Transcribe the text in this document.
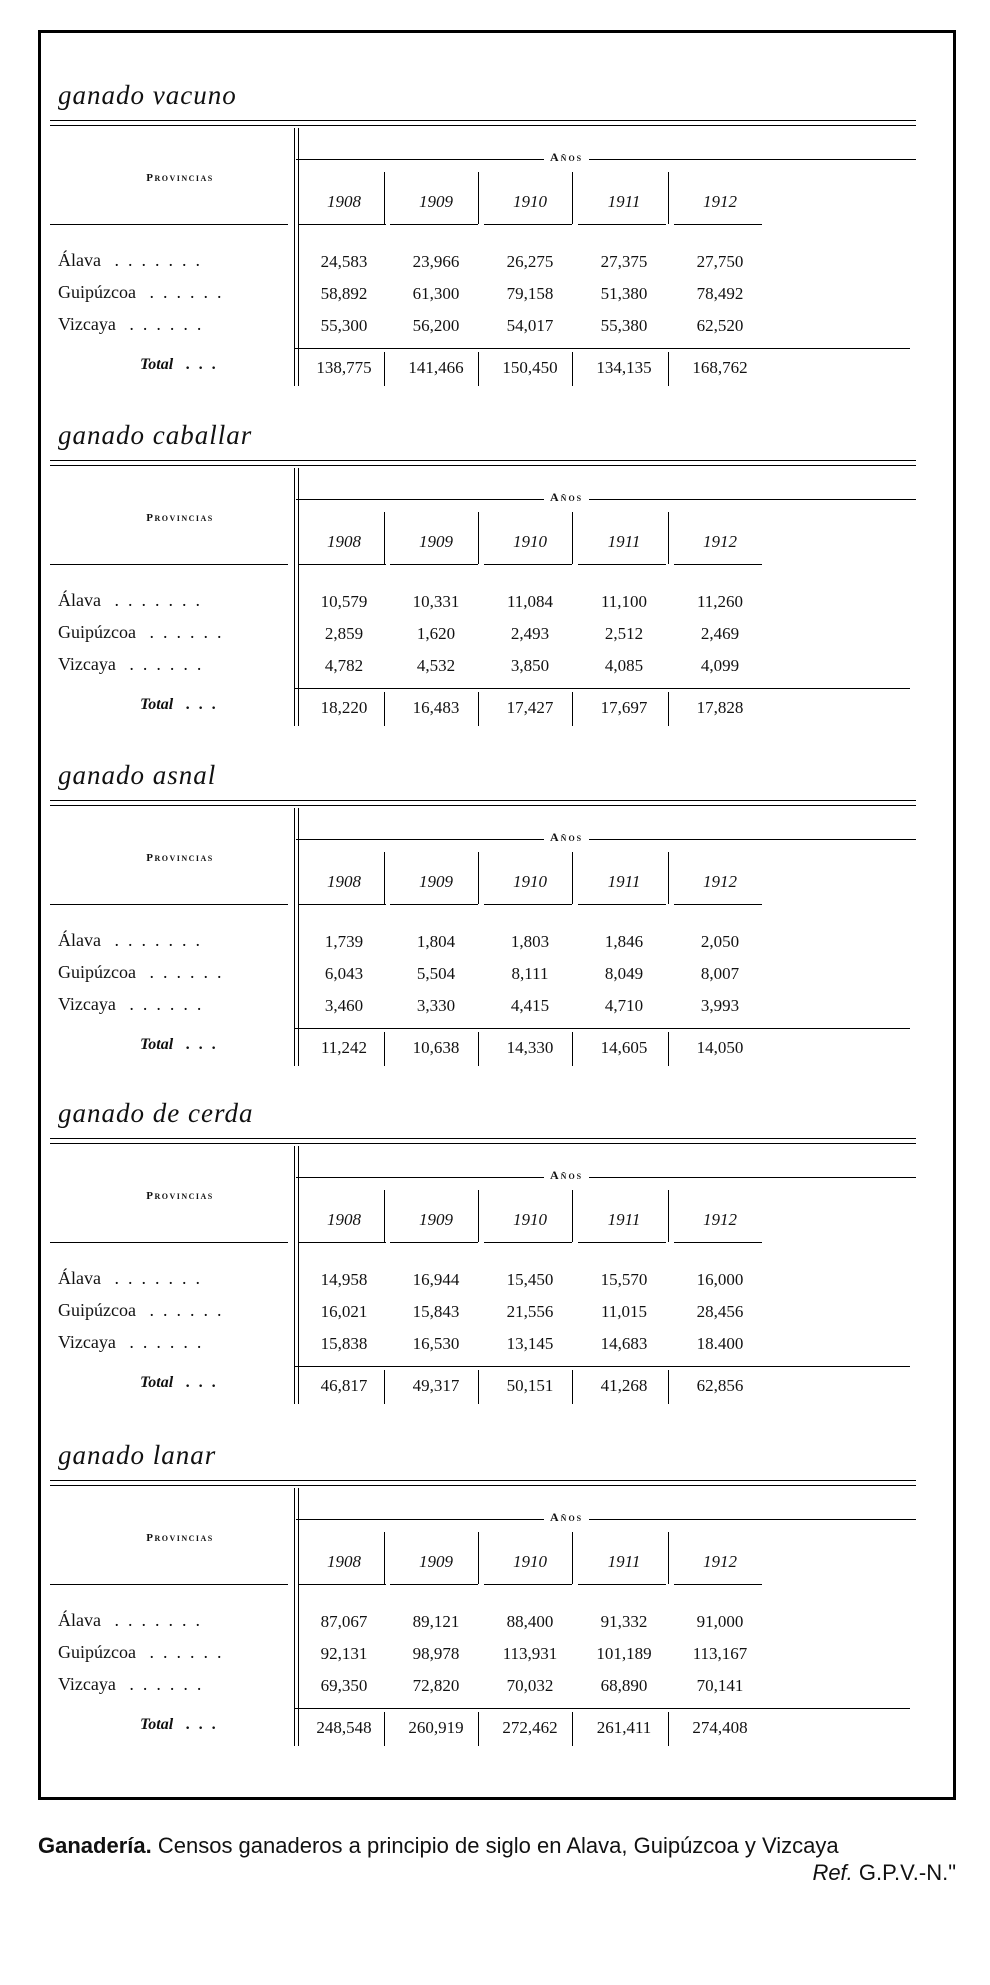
ganado vacuno
Provincias
Años
1908	1909	1910	1911	1912
Álava .......	24,583	23,966	26,275	27,375	27,750
Guipúzcoa ......	58,892	61,300	79,158	51,380	78,492
Vizcaya ......	55,300	56,200	54,017	55,380	62,520
Total ...	138,775	141,466	150,450	134,135	168,762
ganado caballar
Provincias
Años
1908	1909	1910	1911	1912
Álava .......	10,579	10,331	11,084	11,100	11,260
Guipúzcoa ......	2,859	1,620	2,493	2,512	2,469
Vizcaya ......	4,782	4,532	3,850	4,085	4,099
Total ...	18,220	16,483	17,427	17,697	17,828
ganado asnal
Provincias
Años
1908	1909	1910	1911	1912
Álava .......	1,739	1,804	1,803	1,846	2,050
Guipúzcoa ......	6,043	5,504	8,111	8,049	8,007
Vizcaya ......	3,460	3,330	4,415	4,710	3,993
Total ...	11,242	10,638	14,330	14,605	14,050
ganado de cerda
Provincias
Años
1908	1909	1910	1911	1912
Álava .......	14,958	16,944	15,450	15,570	16,000
Guipúzcoa ......	16,021	15,843	21,556	11,015	28,456
Vizcaya ......	15,838	16,530	13,145	14,683	18.400
Total ...	46,817	49,317	50,151	41,268	62,856
ganado lanar
Provincias
Años
1908	1909	1910	1911	1912
Álava .......	87,067	89,121	88,400	91,332	91,000
Guipúzcoa ......	92,131	98,978	113,931	101,189	113,167
Vizcaya ......	69,350	72,820	70,032	68,890	70,141
Total ...	248,548	260,919	272,462	261,411	274,408
Ganadería. Censos ganaderos a principio de siglo en Alava, Guipúzcoa y Vizcaya
Ref. G.P.V.-N."
